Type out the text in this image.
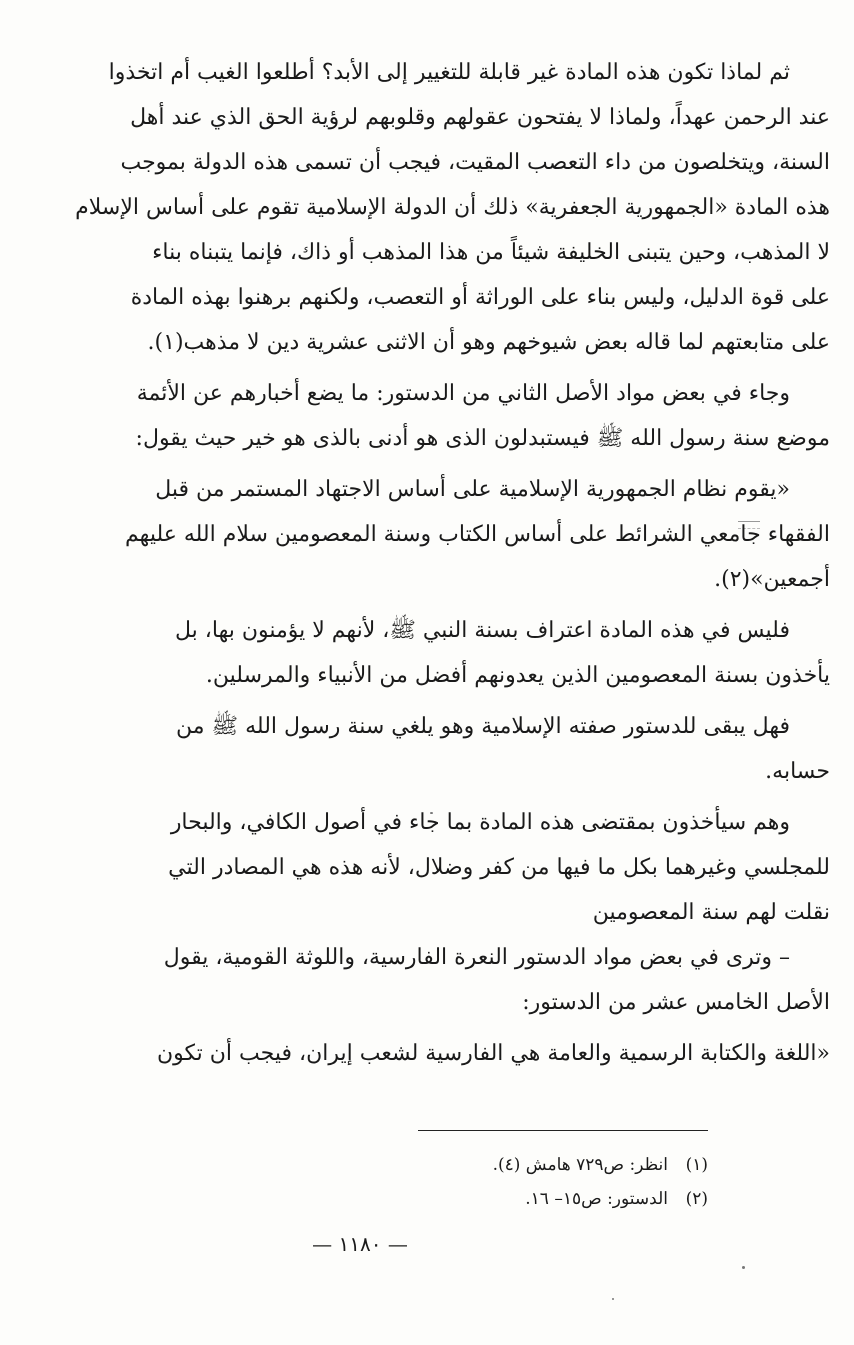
ثم لماذا تكون هذه المادة غير قابلة للتغيير إلى الأبد؟ أطلعوا الغيب أم اتخذوا
عند الرحمن عهداً، ولماذا لا يفتحون عقولهم وقلوبهم لرؤية الحق الذي عند أهل
السنة، ويتخلصون من داء التعصب المقيت، فيجب أن تسمى هذه الدولة بموجب
هذه المادة «الجمهورية الجعفرية» ذلك أن الدولة الإسلامية تقوم على أساس الإسلام
لا المذهب، وحين يتبنى الخليفة شيئاً من هذا المذهب أو ذاك، فإنما يتبناه بناء
على قوة الدليل، وليس بناء على الوراثة أو التعصب، ولكنهم برهنوا بهذه المادة
على متابعتهم لما قاله بعض شيوخهم وهو أن الاثنى عشرية دين لا مذهب(١).
وجاء في بعض مواد الأصل الثاني من الدستور: ما يضع أخبارهم عن الأئمة
موضع سنة رسول الله ﷺ فيستبدلون الذى هو أدنى بالذى هو خير حيث يقول:
«يقوم نظام الجمهورية الإسلامية على أساس الاجتهاد المستمر من قبل
الفقهاء جامعي الشرائط على أساس الكتاب وسنة المعصومين سلام الله عليهم
أجمعين»(٢).
فليس في هذه المادة اعتراف بسنة النبي ﷺ، لأنهم لا يؤمنون بها، بل
يأخذون بسنة المعصومين الذين يعدونهم أفضل من الأنبياء والمرسلين.
فهل يبقى للدستور صفته الإسلامية وهو يلغي سنة رسول الله ﷺ من
حسابه.
وهم سيأخذون بمقتضى هذه المادة بما جاء في أصول الكافي، والبحار
للمجلسي وغيرهما بكل ما فيها من كفر وضلال، لأنه هذه هي المصادر التي
نقلت لهم سنة المعصومين
– وترى في بعض مواد الدستور النعرة الفارسية، واللوثة القومية، يقول
الأصل الخامس عشر من الدستور:
«اللغة والكتابة الرسمية والعامة هي الفارسية لشعب إيران، فيجب أن تكون
(١)انظر: ص٧٢٩ هامش (٤).
(٢)الدستور: ص١٥– ١٦.
— ١١٨٠ —
